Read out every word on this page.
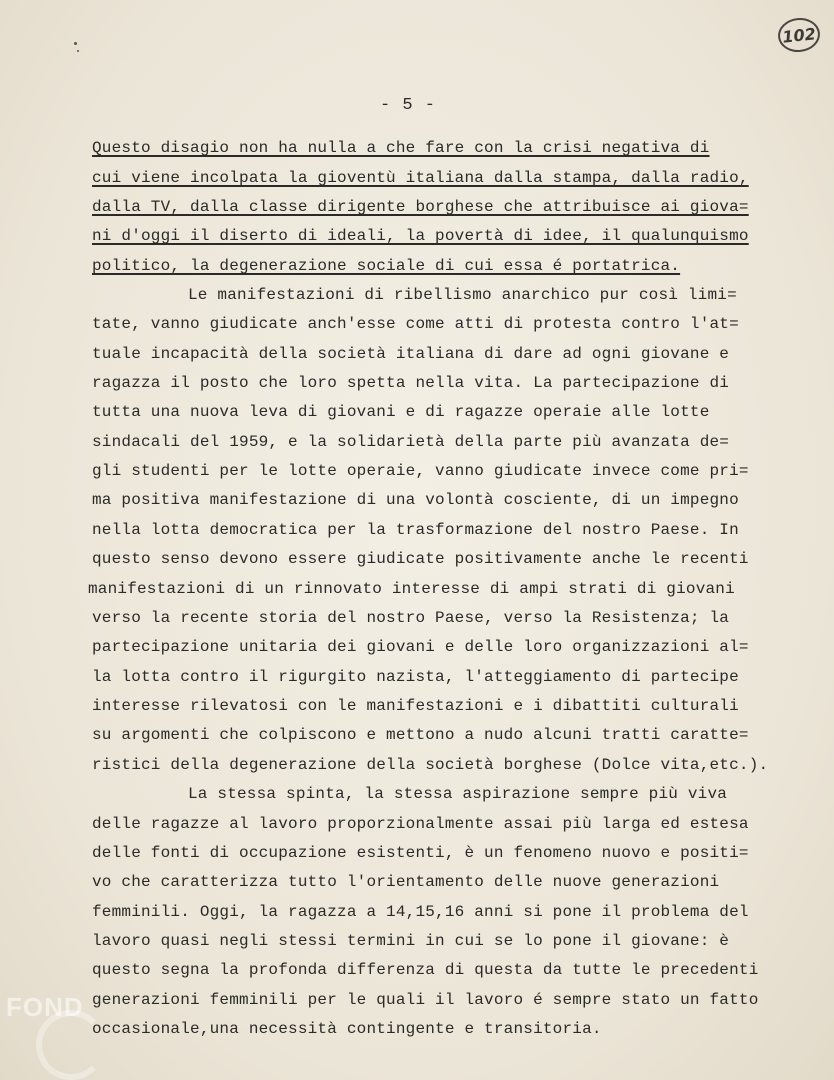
102
- 5 -
Questo disagio non ha nulla a che fare con la crisi negativa di
cui viene incolpata la gioventù italiana dalla stampa, dalla radio,
dalla TV, dalla classe dirigente borghese che attribuisce ai giova=
ni d'oggi il diserto di ideali, la povertà di idee, il qualunquismo
politico, la degenerazione sociale di cui essa é portatrica.
Le manifestazioni di ribellismo anarchico pur così limi=
tate, vanno giudicate anch'esse come atti di protesta contro l'at=
tuale incapacità della società italiana di dare ad ogni giovane e
ragazza il posto che loro spetta nella vita. La partecipazione di
tutta una nuova leva di giovani e di ragazze operaie alle lotte
sindacali del 1959, e la solidarietà della parte più avanzata de=
gli studenti per le lotte operaie, vanno giudicate invece come pri=
ma positiva manifestazione di una volontà cosciente, di un impegno
nella lotta democratica per la trasformazione del nostro Paese. In
questo senso devono essere giudicate positivamente anche le recenti
manifestazioni di un rinnovato interesse di ampi strati di giovani
verso la recente storia del nostro Paese, verso la Resistenza; la
partecipazione unitaria dei giovani e delle loro organizzazioni al=
la lotta contro il rigurgito nazista, l'atteggiamento di partecipe
interesse rilevatosi con le manifestazioni e i dibattiti culturali
su argomenti che colpiscono e mettono a nudo alcuni tratti caratte=
ristici della degenerazione della società borghese (Dolce vita,etc.).
La stessa spinta, la stessa aspirazione sempre più viva
delle ragazze al lavoro proporzionalmente assai più larga ed estesa
delle fonti di occupazione esistenti, è un fenomeno nuovo e positi=
vo che caratterizza tutto l'orientamento delle nuove generazioni
femminili. Oggi, la ragazza a 14,15,16 anni si pone il problema del
lavoro quasi negli stessi termini in cui se lo pone il giovane: è
questo segna la profonda differenza di questa da tutte le precedenti
generazioni femminili per le quali il lavoro é sempre stato un fatto
occasionale,una necessità contingente e transitoria.
FOND
